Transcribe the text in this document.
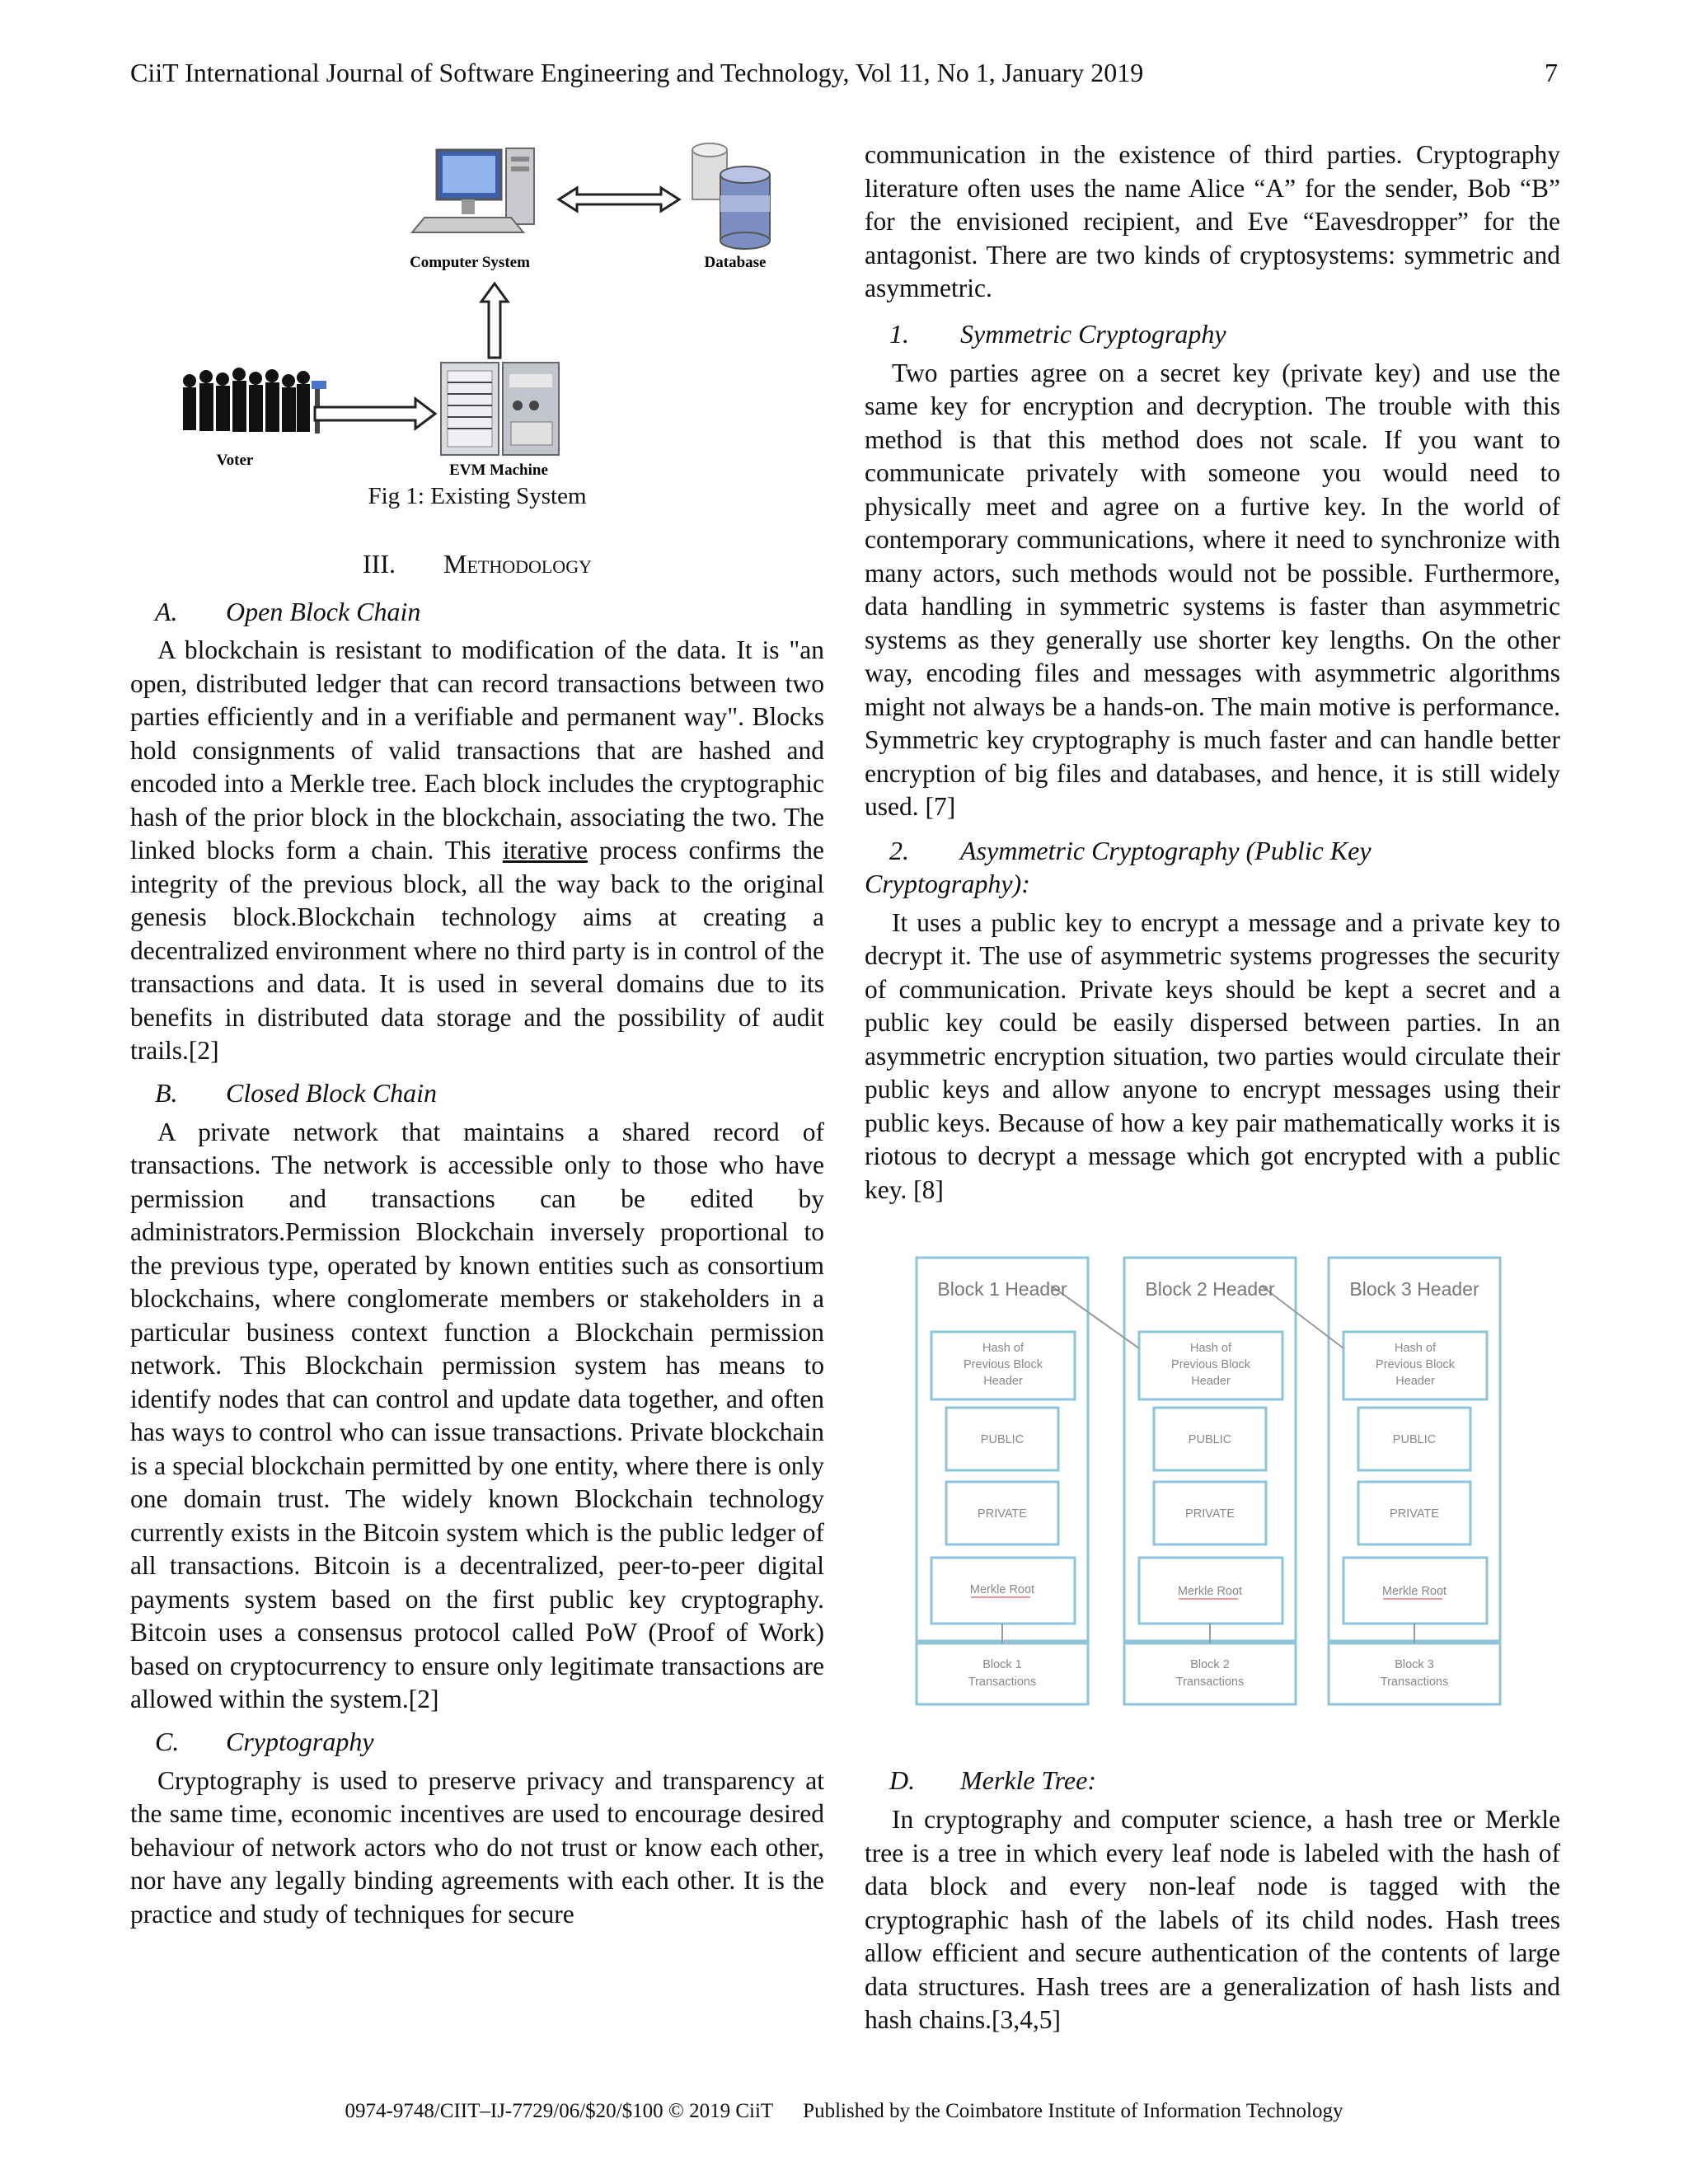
CiiT International Journal of Software Engineering and Technology, Vol 11, No 1, January 2019	7
Computer System	Database
Voter
EVM Machine
Fig 1: Existing System
III. Methodology
A. Open Block Chain

A blockchain is resistant to modification of the data. It is "an open, distributed ledger that can record transactions between two parties efficiently and in a verifiable and permanent way". Blocks hold consignments of valid transactions that are hashed and encoded into a Merkle tree. Each block includes the cryptographic hash of the prior block in the blockchain, associating the two. The linked blocks form a chain. This iterative process confirms the integrity of the previous block, all the way back to the original genesis block.Blockchain technology aims at creating a decentralized environment where no third party is in control of the transactions and data. It is used in several domains due to its benefits in distributed data storage and the possibility of audit trails.[2]

B. Closed Block Chain

A private network that maintains a shared record of transactions. The network is accessible only to those who have permission and transactions can be edited by administrators.Permission Blockchain inversely proportional to the previous type, operated by known entities such as consortium blockchains, where conglomerate members or stakeholders in a particular business context function a Blockchain permission network. This Blockchain permission system has means to identify nodes that can control and update data together, and often has ways to control who can issue transactions. Private blockchain is a special blockchain permitted by one entity, where there is only one domain trust. The widely known Blockchain technology currently exists in the Bitcoin system which is the public ledger of all transactions. Bitcoin is a decentralized, peer-to-peer digital payments system based on the first public key cryptography. Bitcoin uses a consensus protocol called PoW (Proof of Work) based on cryptocurrency to ensure only legitimate transactions are allowed within the system.[2]

C. Cryptography

Cryptography is used to preserve privacy and transparency at the same time, economic incentives are used to encourage desired behaviour of network actors who do not trust or know each other, nor have any legally binding agreements with each other. It is the practice and study of techniques for secure

communication in the existence of third parties. Cryptography literature often uses the name Alice “A” for the sender, Bob “B” for the envisioned recipient, and Eve “Eavesdropper” for the antagonist. There are two kinds of cryptosystems: symmetric and asymmetric.

1. Symmetric Cryptography

Two parties agree on a secret key (private key) and use the same key for encryption and decryption. The trouble with this method is that this method does not scale. If you want to communicate privately with someone you would need to physically meet and agree on a furtive key. In the world of contemporary communications, where it need to synchronize with many actors, such methods would not be possible. Furthermore, data handling in symmetric systems is faster than asymmetric systems as they generally use shorter key lengths. On the other way, encoding files and messages with asymmetric algorithms might not always be a hands-on. The main motive is performance. Symmetric key cryptography is much faster and can handle better encryption of big files and databases, and hence, it is still widely used. [7]

2. Asymmetric Cryptography (Public Key
Cryptography):

It uses a public key to encrypt a message and a private key to decrypt it. The use of asymmetric systems progresses the security of communication. Private keys should be kept a secret and a public key could be easily dispersed between parties. In an asymmetric encryption situation, two parties would circulate their public keys and allow anyone to encrypt messages using their public keys. Because of how a key pair mathematically works it is riotous to decrypt a message which got encrypted with a public key. [8]

Block 1 Header	Block 2 Header	Block 3 Header
Hash of
Previous Block
Header
Hash of
Previous Block
Header
Hash of
Previous Block
Header
PUBLIC	PUBLIC	PUBLIC
PRIVATE	PRIVATE	PRIVATE
Merkle Root	Merkle Root	Merkle Root
Block 1
Transactions
Block 2
Transactions
Block 3
Transactions
D. Merkle Tree:

In cryptography and computer science, a hash tree or Merkle tree is a tree in which every leaf node is labeled with the hash of data block and every non-leaf node is tagged with the cryptographic hash of the labels of its child nodes. Hash trees allow efficient and secure authentication of the contents of large data structures. Hash trees are a generalization of hash lists and hash chains.[3,4,5]

0974-9748/CIIT–IJ-7729/06/$20/$100 © 2019 CiiT Published by the Coimbatore Institute of Information Technology
